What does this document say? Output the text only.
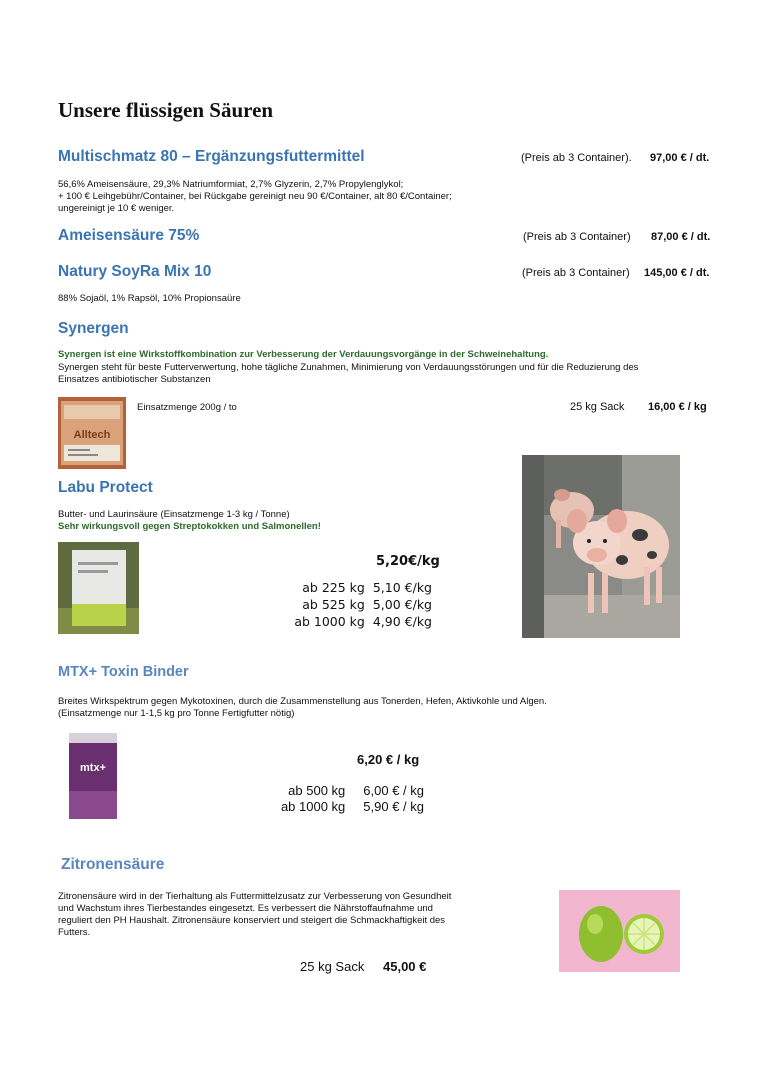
Unsere flüssigen Säuren
Multischmatz 80 – Ergänzungsfuttermittel	(Preis ab 3 Container). 97,00 € / dt.
56,6% Ameisensäure, 29,3% Natriumformiat, 2,7% Glyzerin, 2,7% Propylenglykol;
+ 100 € Leihgebühr/Container, bei Rückgabe gereinigt neu 90 €/Container, alt 80 €/Container;
ungereinigt je 10 € weniger.
Ameisensäure 75%	(Preis ab 3 Container) 87,00 € / dt.
Natury SoyRa Mix 10	(Preis ab 3 Container) 145,00 € / dt.
88% Sojaöl, 1% Rapsöl, 10% Propionsaüre
Synergen
Synergen ist eine Wirkstoffkombination zur Verbesserung der Verdauungsvorgänge in der Schweinehaltung.
Synergen steht für beste Futterverwertung, hohe tägliche Zunahmen, Minimierung von Verdauungsstörungen und für die Reduzierung des
Einsatzes antibiotischer Substanzen
Alltech
Einsatzmenge 200g / to	25 kg Sack 16,00 € / kg
Labu Protect
Butter- und Laurinsäure (Einsatzmenge 1-3 kg / Tonne)
Sehr wirkungsvoll gegen Streptokokken und Salmonellen!
5,20€/kg
ab 225 kg 5,10 €/kg
ab 525 kg 5,00 €/kg
ab 1000 kg 4,90 €/kg
MTX+ Toxin Binder
Breites Wirkspektrum gegen Mykotoxinen, durch die Zusammenstellung aus Tonerden, Hefen, Aktivkohle und Algen.
(Einsatzmenge nur 1-1,5 kg pro Tonne Fertigfutter nötig)
mtx+
6,20 € / kg
ab 500 kg 6,00 € / kg
ab 1000 kg 5,90 € / kg
Zitronensäure
Zitronensäure wird in der Tierhaltung als Futtermittelzusatz zur Verbesserung von Gesundheit
und Wachstum ihres Tierbestandes eingesetzt. Es verbessert die Nährstoffaufnahme und
reguliert den PH Haushalt. Zitronensäure konserviert und steigert die Schmackhaftigkeit des
Futters.
25 kg Sack 45,00 €
